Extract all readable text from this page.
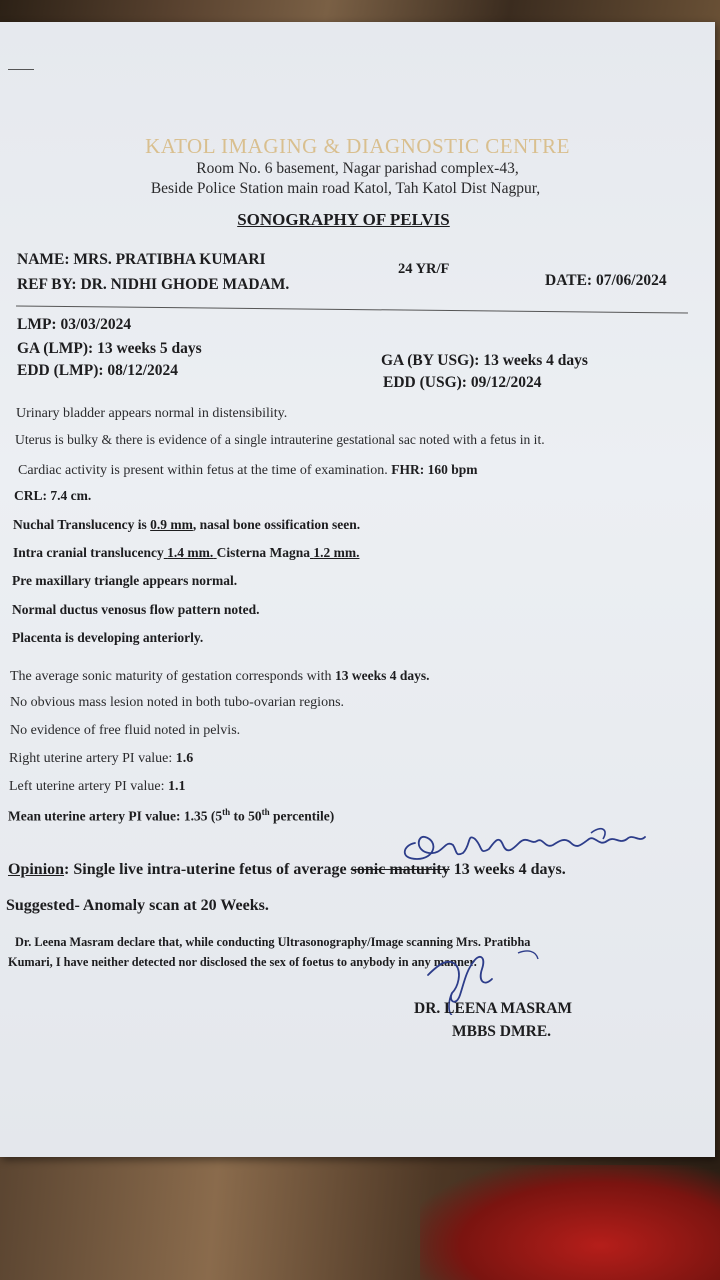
KATOL IMAGING & DIAGNOSTIC CENTRE
Room No. 6 basement, Nagar parishad complex-43,
Beside Police Station main road Katol, Tah Katol Dist Nagpur,
SONOGRAPHY OF PELVIS
NAME: MRS. PRATIBHA KUMARI
24 YR/F
REF BY: DR. NIDHI GHODE MADAM.	DATE: 07/06/2024
LMP: 03/03/2024
GA (LMP): 13 weeks 5 days
EDD (LMP): 08/12/2024
GA (BY USG): 13 weeks 4 days
EDD (USG): 09/12/2024
Urinary bladder appears normal in distensibility.
Uterus is bulky & there is evidence of a single intrauterine gestational sac noted with a fetus in it.
Cardiac activity is present within fetus at the time of examination. FHR: 160 bpm
CRL: 7.4 cm.
Nuchal Translucency is 0.9 mm, nasal bone ossification seen.
Intra cranial translucency 1.4 mm. Cisterna Magna 1.2 mm.
Pre maxillary triangle appears normal.
Normal ductus venosus flow pattern noted.
Placenta is developing anteriorly.
The average sonic maturity of gestation corresponds with 13 weeks 4 days.
No obvious mass lesion noted in both tubo-ovarian regions.
No evidence of free fluid noted in pelvis.
Right uterine artery PI value: 1.6
Left uterine artery PI value: 1.1
Mean uterine artery PI value: 1.35 (5th to 50th percentile)
Opinion: Single live intra-uterine fetus of average sonic maturity 13 weeks 4 days.
Suggested- Anomaly scan at 20 Weeks.
Dr. Leena Masram declare that, while conducting Ultrasonography/Image scanning Mrs. Pratibha
Kumari, I have neither detected nor disclosed the sex of foetus to anybody in any manner.
DR. LEENA MASRAM
MBBS DMRE.
